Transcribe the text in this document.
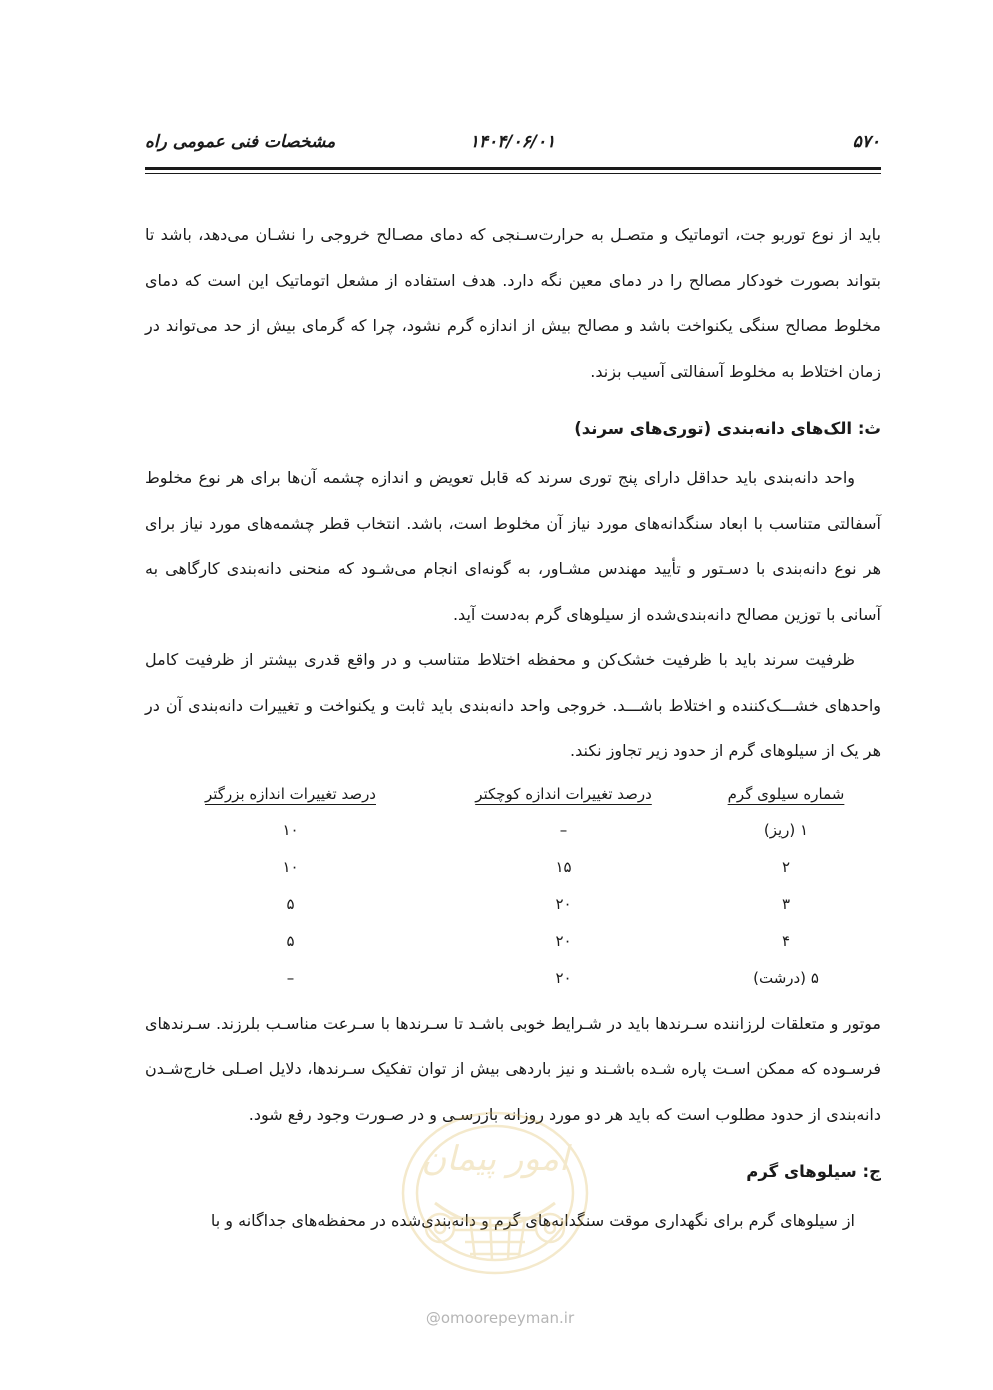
۵۷۰
۱۴۰۴/۰۶/۰۱
مشخصات فنی عمومی راه

باید از نوع توربو جت، اتوماتیک و متصـل به حرارت‌سـنجی که دمای مصـالح خروجی را نشـان می‌دهد، باشد تا بتواند بصورت خودکار مصالح را در دمای معین نگه دارد. هدف استفاده از مشعل اتوماتیک این است که دمای مخلوط مصالح سنگی یکنواخت باشد و مصالح بیش از اندازه گرم نشود، چرا که گرمای بیش از حد می‌تواند در زمان اختلاط به مخلوط آسفالتی آسیب بزند.

ث: الک‌های دانه‌بندی (توری‌های سرند)

واحد دانه‌بندی باید حداقل دارای پنج توری سرند که قابل تعویض و اندازه چشمه آن‌ها برای هر نوع مخلوط آسفالتی متناسب با ابعاد سنگدانه‌های مورد نیاز آن مخلوط است، باشد. انتخاب قطر چشمه‌های مورد نیاز برای هر نوع دانه‌بندی با دسـتور و تأیید مهندس مشـاور، به گونه‌ای انجام می‌شـود که منحنی دانه‌بندی کارگاهی به آسانی با توزین مصالح دانه‌بندی‌شده از سیلوهای گرم به‌دست آید.

ظرفیت سرند باید با ظرفیت خشک‌کن و محفظه اختلاط متناسب و در واقع قدری بیشتر از ظرفیت کامل واحدهای خشـــک‌کننده و اختلاط باشـــد. خروجی واحد دانه‌بندی باید ثابت و یکنواخت و تغییرات دانه‌بندی آن در هر یک از سیلوهای گرم از حدود زیر تجاوز نکند.

شماره سیلوی گرم	درصد تغییرات اندازه کوچکتر	درصد تغییرات اندازه بزرگتر
۱ (ریز)	–	۱۰
۲	۱۵	۱۰
۳	۲۰	۵
۴	۲۰	۵
۵ (درشت)	۲۰	–

موتور و متعلقات لرزاننده سـرندها باید در شـرایط خوبی باشـد تا سـرندها با سـرعت مناسـب بلرزند. سـرندهای فرسـوده که ممکن اسـت پاره شـده باشـند و نیز باردهی بیش از توان تفکیک سـرندها، دلایل اصـلی خارج‌شـدن دانه‌بندی از حدود مطلوب است که باید هر دو مورد روزانه بازرسـی و در صـورت وجود رفع شود.

ج: سیلوهای گرم

از سیلوهای گرم برای نگهداری موقت سنگدانه‌های گرم و دانه‌بندی‌شده در محفظه‌های جداگانه و با

امور پیمان
@omoorepeyman.ir
